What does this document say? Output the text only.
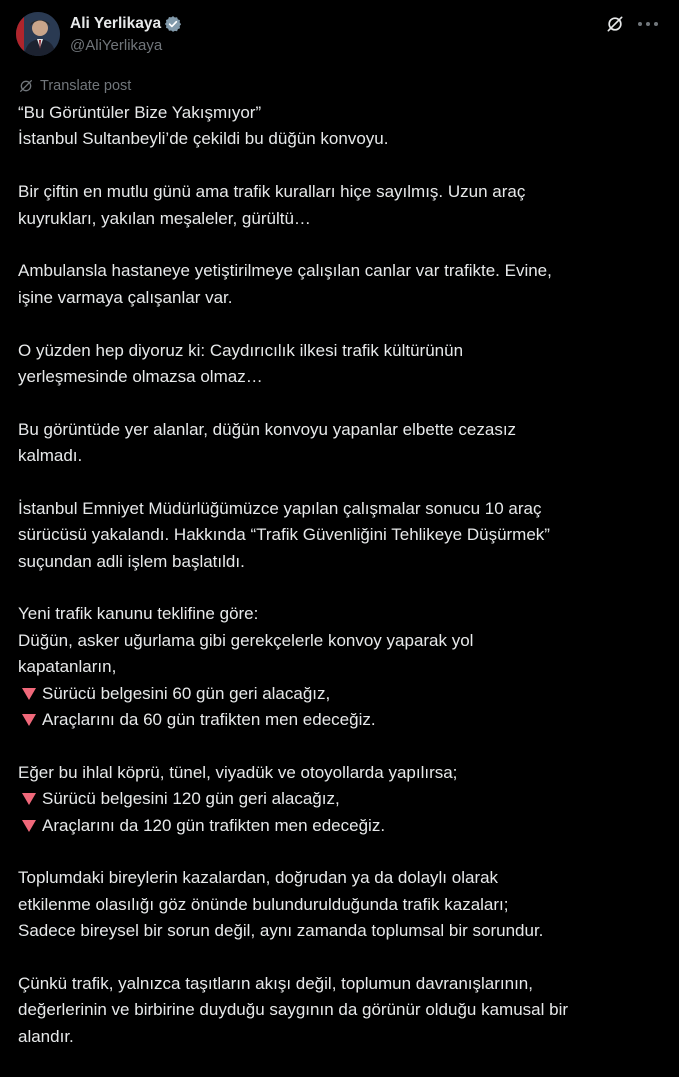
Ali Yerlikaya
@AliYerlikaya
Translate post
“Bu Görüntüler Bize Yakışmıyor”
İstanbul Sultanbeyli’de çekildi bu düğün konvoyu.
Bir çiftin en mutlu günü ama trafik kuralları hiçe sayılmış. Uzun araç
kuyrukları, yakılan meşaleler, gürültü…
Ambulansla hastaneye yetiştirilmeye çalışılan canlar var trafikte. Evine,
işine varmaya çalışanlar var.
O yüzden hep diyoruz ki: Caydırıcılık ilkesi trafik kültürünün
yerleşmesinde olmazsa olmaz…
Bu görüntüde yer alanlar, düğün konvoyu yapanlar elbette cezasız
kalmadı.
İstanbul Emniyet Müdürlüğümüzce yapılan çalışmalar sonucu 10 araç
sürücüsü yakalandı. Hakkında “Trafik Güvenliğini Tehlikeye Düşürmek”
suçundan adli işlem başlatıldı.
Yeni trafik kanunu teklifine göre:
Düğün, asker uğurlama gibi gerekçelerle konvoy yaparak yol
kapatanların,
Sürücü belgesini 60 gün geri alacağız,
Araçlarını da 60 gün trafikten men edeceğiz.
Eğer bu ihlal köprü, tünel, viyadük ve otoyollarda yapılırsa;
Sürücü belgesini 120 gün geri alacağız,
Araçlarını da 120 gün trafikten men edeceğiz.
Toplumdaki bireylerin kazalardan, doğrudan ya da dolaylı olarak
etkilenme olasılığı göz önünde bulundurulduğunda trafik kazaları;
Sadece bireysel bir sorun değil, aynı zamanda toplumsal bir sorundur.
Çünkü trafik, yalnızca taşıtların akışı değil, toplumun davranışlarının,
değerlerinin ve birbirine duyduğu saygının da görünür olduğu kamusal bir
alandır.
